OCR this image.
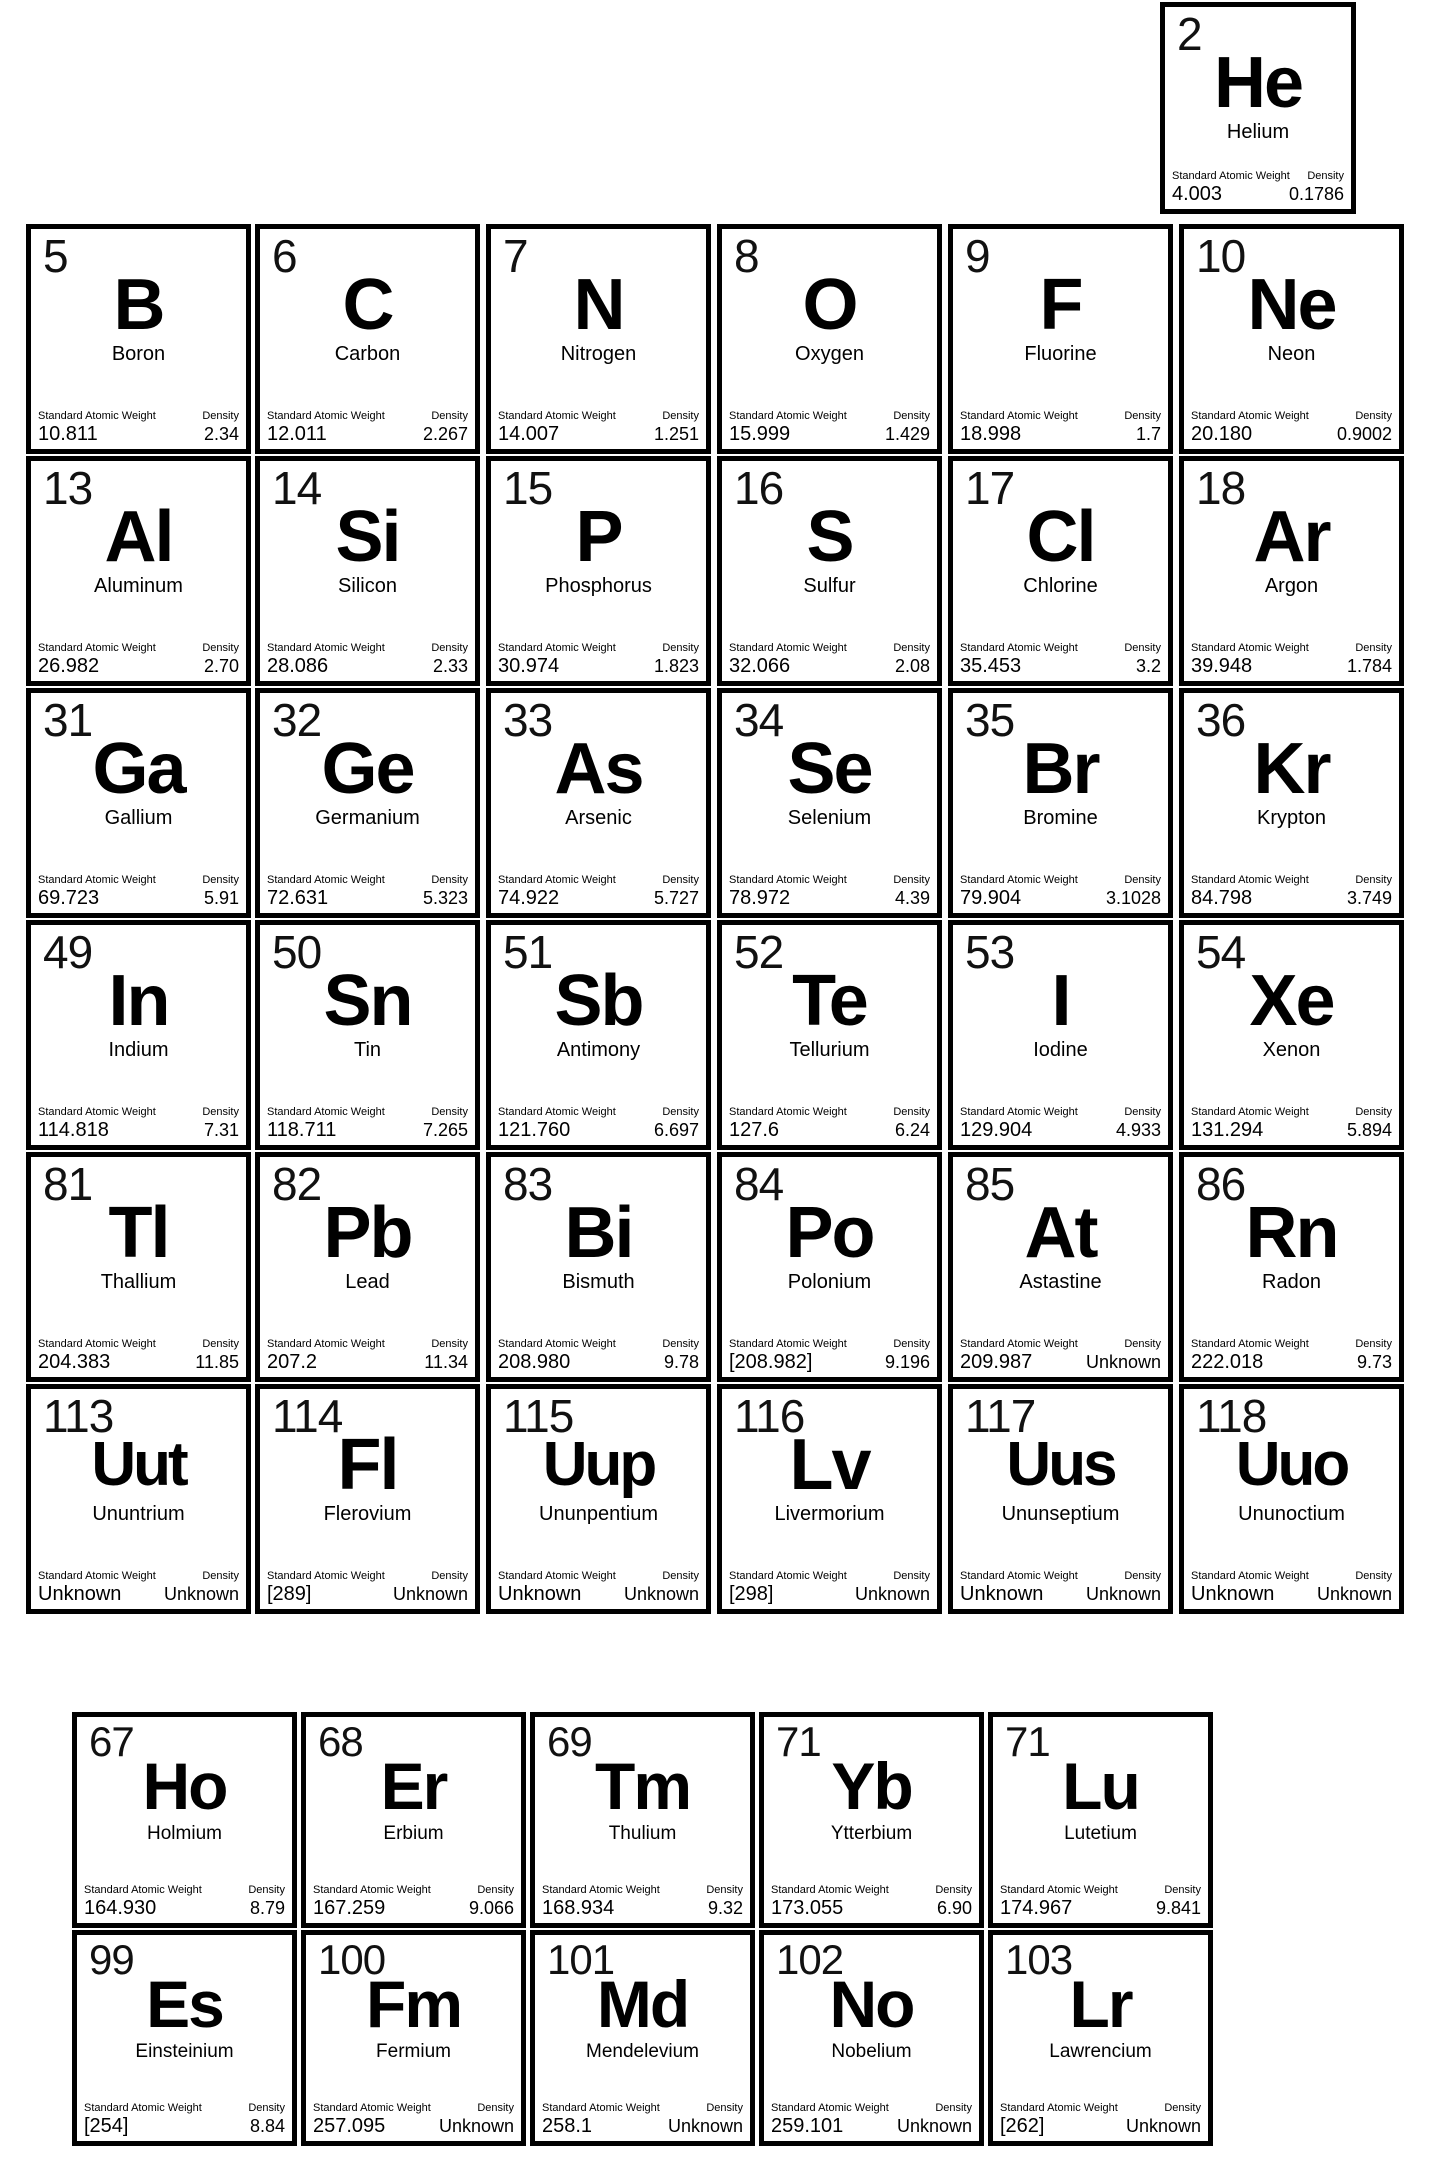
2
He
Helium
Standard Atomic Weight Density
4.003	0.1786
5
B
Boron
Standard Atomic Weight	Density
10.811	2.34
6
C
Carbon
Standard Atomic Weight	Density
12.011	2.267
7
N
Nitrogen
Standard Atomic Weight	Density
14.007	1.251
8
O
Oxygen
Standard Atomic Weight	Density
15.999	1.429
9
F
Fluorine
Standard Atomic Weight	Density
18.998	1.7
10
Ne
Neon
Standard Atomic Weight	Density
20.180	0.9002
13
Al
Aluminum
Standard Atomic Weight	Density
26.982	2.70
14
Si
Silicon
Standard Atomic Weight	Density
28.086	2.33
15
P
Phosphorus
Standard Atomic Weight	Density
30.974	1.823
16
S
Sulfur
Standard Atomic Weight	Density
32.066	2.08
17
Cl
Chlorine
Standard Atomic Weight	Density
35.453	3.2
18
Ar
Argon
Standard Atomic Weight	Density
39.948	1.784
31
Ga
Gallium
Standard Atomic Weight	Density
69.723	5.91
32
Ge
Germanium
Standard Atomic Weight	Density
72.631	5.323
33
As
Arsenic
Standard Atomic Weight	Density
74.922	5.727
34
Se
Selenium
Standard Atomic Weight	Density
78.972	4.39
35
Br
Bromine
Standard Atomic Weight	Density
79.904	3.1028
36
Kr
Krypton
Standard Atomic Weight	Density
84.798	3.749
49
In
Indium
Standard Atomic Weight	Density
114.818	7.31
50
Sn
Tin
Standard Atomic Weight	Density
118.711	7.265
51
Sb
Antimony
Standard Atomic Weight	Density
121.760	6.697
52
Te
Tellurium
Standard Atomic Weight	Density
127.6	6.24
53
I
Iodine
Standard Atomic Weight	Density
129.904	4.933
54
Xe
Xenon
Standard Atomic Weight	Density
131.294	5.894
81
Tl
Thallium
Standard Atomic Weight	Density
204.383	11.85
82
Pb
Lead
Standard Atomic Weight	Density
207.2	11.34
83
Bi
Bismuth
Standard Atomic Weight	Density
208.980	9.78
84
Po
Polonium
Standard Atomic Weight	Density
[208.982]	9.196
85
At
Astastine
Standard Atomic Weight	Density
209.987	Unknown
86
Rn
Radon
Standard Atomic Weight	Density
222.018	9.73
113
Uut
Ununtrium
Standard Atomic Weight	Density
Unknown Unknown
114
Fl
Flerovium
Standard Atomic Weight	Density
[289]	Unknown
115
Uup
Ununpentium
Standard Atomic Weight	Density
Unknown Unknown
116
Lv
Livermorium
Standard Atomic Weight	Density
[298]	Unknown
117
Uus
Ununseptium
Standard Atomic Weight	Density
Unknown Unknown
118
Uuo
Ununoctium
Standard Atomic Weight	Density
Unknown Unknown
67
Ho
Holmium
Standard Atomic Weight	Density
164.930	8.79
68
Er
Erbium
Standard Atomic Weight	Density
167.259	9.066
69
Tm
Thulium
Standard Atomic Weight	Density
168.934	9.32
71
Yb
Ytterbium
Standard Atomic Weight	Density
173.055	6.90
71
Lu
Lutetium
Standard Atomic Weight	Density
174.967	9.841
99
Es
Einsteinium
Standard Atomic Weight	Density
[254]	8.84
100
Fm
Fermium
Standard Atomic Weight	Density
257.095	Unknown
101
Md
Mendelevium
Standard Atomic Weight	Density
258.1	Unknown
102
No
Nobelium
Standard Atomic Weight	Density
259.101	Unknown
103
Lr
Lawrencium
Standard Atomic Weight	Density
[262]	Unknown
